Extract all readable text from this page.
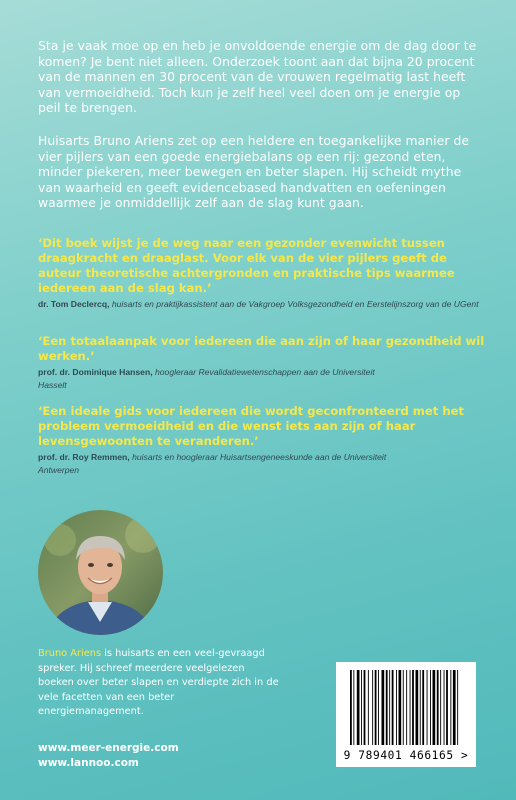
Sta je vaak moe op en heb je onvoldoende energie om de dag door te komen? Je bent niet alleen. Onderzoek toont aan dat bijna 20 procent van de mannen en 30 procent van de vrouwen regelmatig last heeft van vermoeidheid. Toch kun je zelf heel veel doen om je energie op peil te brengen.

Huisarts Bruno Ariens zet op een heldere en toegankelijke manier de vier pijlers van een goede energiebalans op een rij: gezond eten, minder piekeren, meer bewegen en beter slapen. Hij scheidt mythe van waarheid en geeft evidencebased handvatten en oefeningen waarmee je onmiddellijk zelf aan de slag kunt gaan.

‘Dit boek wijst je de weg naar een gezonder evenwicht tussen draagkracht en draaglast. Voor elk van de vier pijlers geeft de auteur theoretische achtergronden en praktische tips waarmee iedereen aan de slag kan.’

dr. Tom Declercq, huisarts en praktijkassistent aan de Vakgroep Volksgezondheid en Eerstelijnszorg van de UGent

‘Een totaalaanpak voor iedereen die aan zijn of haar gezondheid wil werken.’

prof. dr. Dominique Hansen, hoogleraar Revalidatiewetenschappen aan de Universiteit Hasselt

‘Een ideale gids voor iedereen die wordt geconfronteerd met het probleem vermoeidheid en die wenst iets aan zijn of haar levensgewoonten te veranderen.’

prof. dr. Roy Remmen, huisarts en hoogleraar Huisartsengeneeskunde aan de Universiteit Antwerpen

Bruno Ariens is huisarts en een veel-gevraagd spreker. Hij schreef meerdere veelgelezen boeken over beter slapen en verdiepte zich in de vele facetten van een beter energiemanagement.
www.meer-energie.com
www.lannoo.com
9 789401 466165 >
